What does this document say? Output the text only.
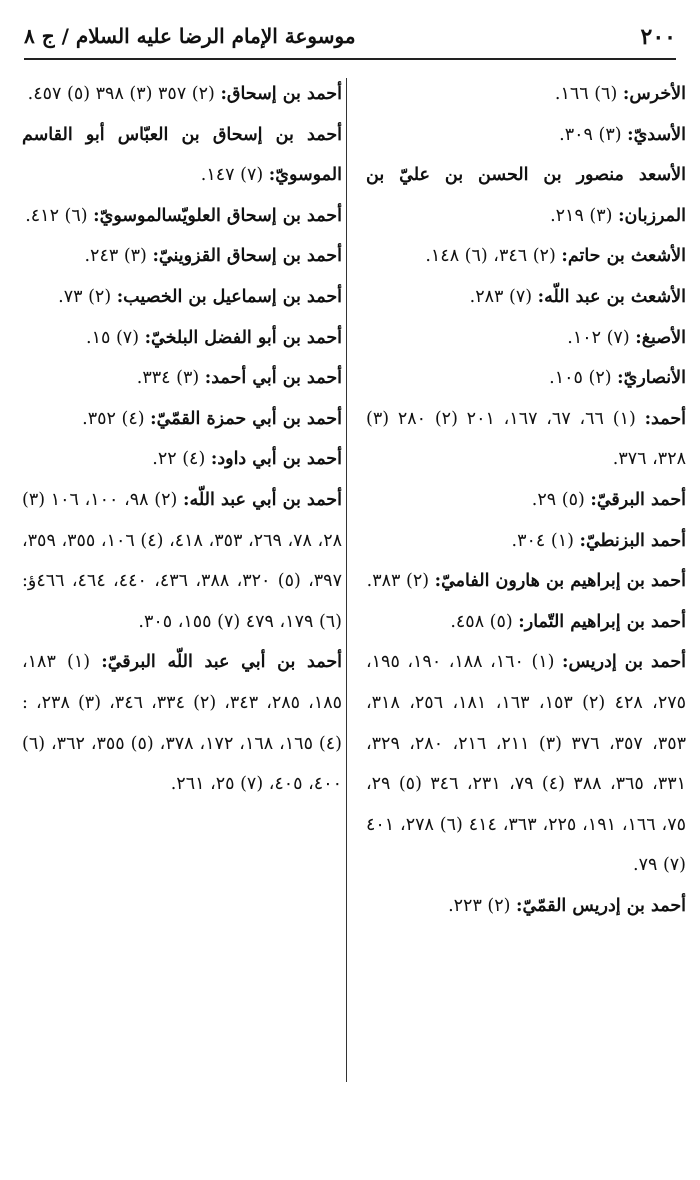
٢٠٠
موسوعة الإمام الرضا عليه السلام / ج ٨

الأخرس: (٦) ١٦٦.

الأسديّ: (٣) ٣٠٩.

الأسعد منصور بن الحسن بن عليّ بن المرزبان: (٣) ٢١٩.

الأشعث بن حاتم: (٢) ٣٤٦، (٦) ١٤٨.

الأشعث بن عبد اللّه: (٧) ٢٨٣.

الأصبغ: (٧) ١٠٢.

الأنصاريّ: (٢) ١٠٥.

أحمد: (١) ٦٦، ٦٧، ١٦٧، ٢٠١ (٢) ٢٨٠ (٣) ٣٢٨، ٣٧٦.

أحمد البرقيّ: (٥) ٢٩.

أحمد البزنطيّ: (١) ٣٠٤.

أحمد بن إبراهيم بن هارون الفاميّ: (٢) ٣٨٣.

أحمد بن إبراهيم التّمار: (٥) ٤٥٨.

أحمد بن إدريس: (١) ١٦٠، ١٨٨، ١٩٠، ١٩٥، ٢٧٥، ٤٢٨ (٢) ١٥٣، ١٦٣، ١٨١، ٢٥٦، ٣١٨، ٣٥٣، ٣٥٧، ٣٧٦ (٣) ٢١١، ٢١٦، ٢٨٠، ٣٢٩، ٣٣١، ٣٦٥، ٣٨٨ (٤) ٧٩، ٢٣١، ٣٤٦ (٥) ٢٩، ٧٥، ١٦٦، ١٩١، ٢٢٥، ٣٦٣، ٤١٤ (٦) ٢٧٨، ٤٠١ (٧) ٧٩.

أحمد بن إدريس القمّيّ: (٢) ٢٢٣.

أحمد بن إسحاق: (٢) ٣٥٧ (٣) ٣٩٨ (٥) ٤٥٧.

أحمد بن إسحاق بن العبّاس أبو القاسم الموسويّ: (٧) ١٤٧.

أحمد بن إسحاق العلويّسالموسويّ: (٦) ٤١٢.

أحمد بن إسحاق القزوينيّ: (٣) ٢٤٣.

أحمد بن إسماعيل بن الخصيب: (٢) ٧٣.

أحمد بن أبو الفضل البلخيّ: (٧) ١٥.

أحمد بن أبي أحمد: (٣) ٣٣٤.

أحمد بن أبي حمزة القمّيّ: (٤) ٣٥٢.

أحمد بن أبي داود: (٤) ٢٢.

أحمد بن أبي عبد اللّه: (٢) ٩٨، ١٠٠، ١٠٦ (٣) ٢٨، ٧٨، ٢٦٩، ٣٥٣، ٤١٨، (٤) ١٠٦، ٣٥٥، ٣٥٩، ٣٩٧، (٥) ٣٢٠، ٣٨٨، ٤٣٦، ٤٤٠، ٤٦٤، ٤٦٦ؤ: (٦) ١٧٩، ٤٧٩ (٧) ١٥٥، ٣٠٥.

أحمد بن أبي عبد اللّه البرقيّ: (١) ١٨٣، ١٨٥، ٢٨٥، ٣٤٣، (٢) ٣٣٤، ٣٤٦، (٣) ٢٣٨، : (٤) ١٦٥، ١٦٨، ١٧٢، ٣٧٨، (٥) ٣٥٥، ٣٦٢، (٦) ٤٠٠، ٤٠٥، (٧) ٢٥، ٢٦١.
